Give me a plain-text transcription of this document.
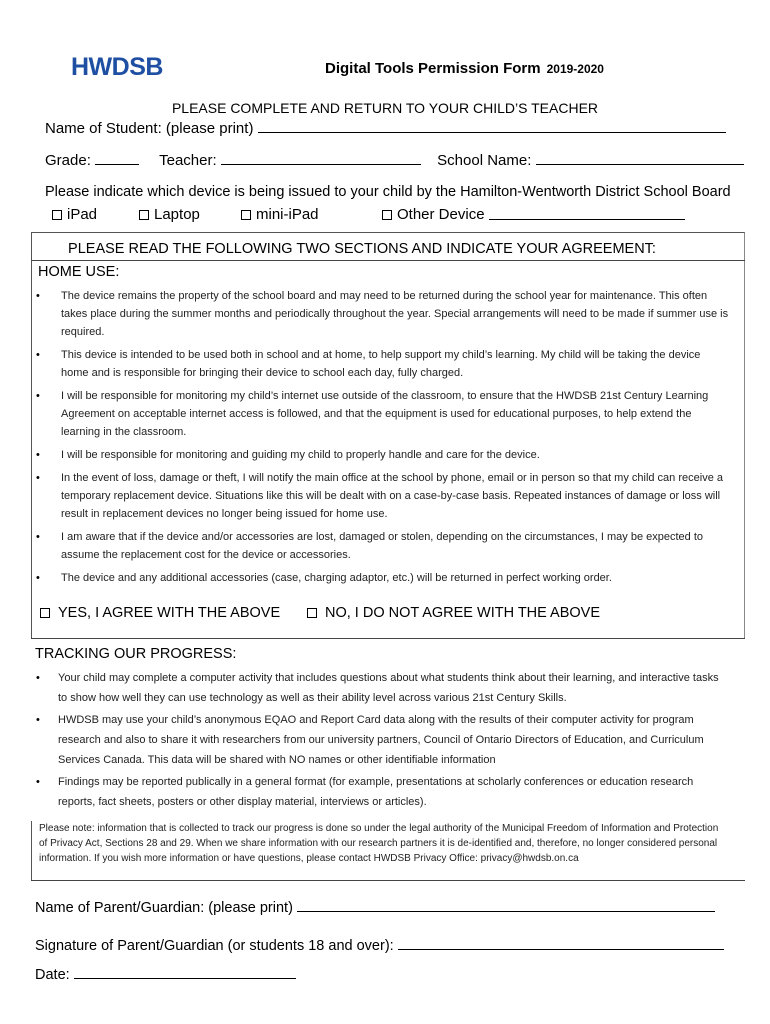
HWDSB	Digital Tools Permission Form 2019-2020
PLEASE COMPLETE AND RETURN TO YOUR CHILD’S TEACHER
Name of Student: (please print)
Grade:	Teacher:	School Name:
Please indicate which device is being issued to your child by the Hamilton-Wentworth District School Board
iPad	Laptop	mini-iPad	Other Device

PLEASE READ THE FOLLOWING TWO SECTIONS AND INDICATE YOUR AGREEMENT:
HOME USE:
• The device remains the property of the school board and may need to be returned during the school year for maintenance. This often takes place during the summer months and periodically throughout the year. Special arrangements will need to be made if summer use is required.
• This device is intended to be used both in school and at home, to help support my child’s learning. My child will be taking the device home and is responsible for bringing their device to school each day, fully charged.
• I will be responsible for monitoring my child’s internet use outside of the classroom, to ensure that the HWDSB 21st Century Learning Agreement on acceptable internet access is followed, and that the equipment is used for educational purposes, to help extend the learning in the classroom.
• I will be responsible for monitoring and guiding my child to properly handle and care for the device.
• In the event of loss, damage or theft, I will notify the main office at the school by phone, email or in person so that my child can receive a temporary replacement device. Situations like this will be dealt with on a case-by-case basis. Repeated instances of damage or loss will result in replacement devices no longer being issued for home use.
• I am aware that if the device and/or accessories are lost, damaged or stolen, depending on the circumstances, I may be expected to assume the replacement cost for the device or accessories.
• The device and any additional accessories (case, charging adaptor, etc.) will be returned in perfect working order.
YES, I AGREE WITH THE ABOVE	NO, I DO NOT AGREE WITH THE ABOVE
TRACKING OUR PROGRESS:
• Your child may complete a computer activity that includes questions about what students think about their learning, and interactive tasks to show how well they can use technology as well as their ability level across various 21st Century Skills.
• HWDSB may use your child’s anonymous EQAO and Report Card data along with the results of their computer activity for program research and also to share it with researchers from our university partners, Council of Ontario Directors of Education, and Curriculum Services Canada. This data will be shared with NO names or other identifiable information
• Findings may be reported publically in a general format (for example, presentations at scholarly conferences or education research reports, fact sheets, posters or other display material, interviews or articles).
Please note: information that is collected to track our progress is done so under the legal authority of the Municipal Freedom of Information and Protection of Privacy Act, Sections 28 and 29. When we share information with our research partners it is de-identified and, therefore, no longer considered personal information. If you wish more information or have questions, please contact HWDSB Privacy Office: privacy@hwdsb.on.ca
Name of Parent/Guardian: (please print)
Signature of Parent/Guardian (or students 18 and over):
Date:
